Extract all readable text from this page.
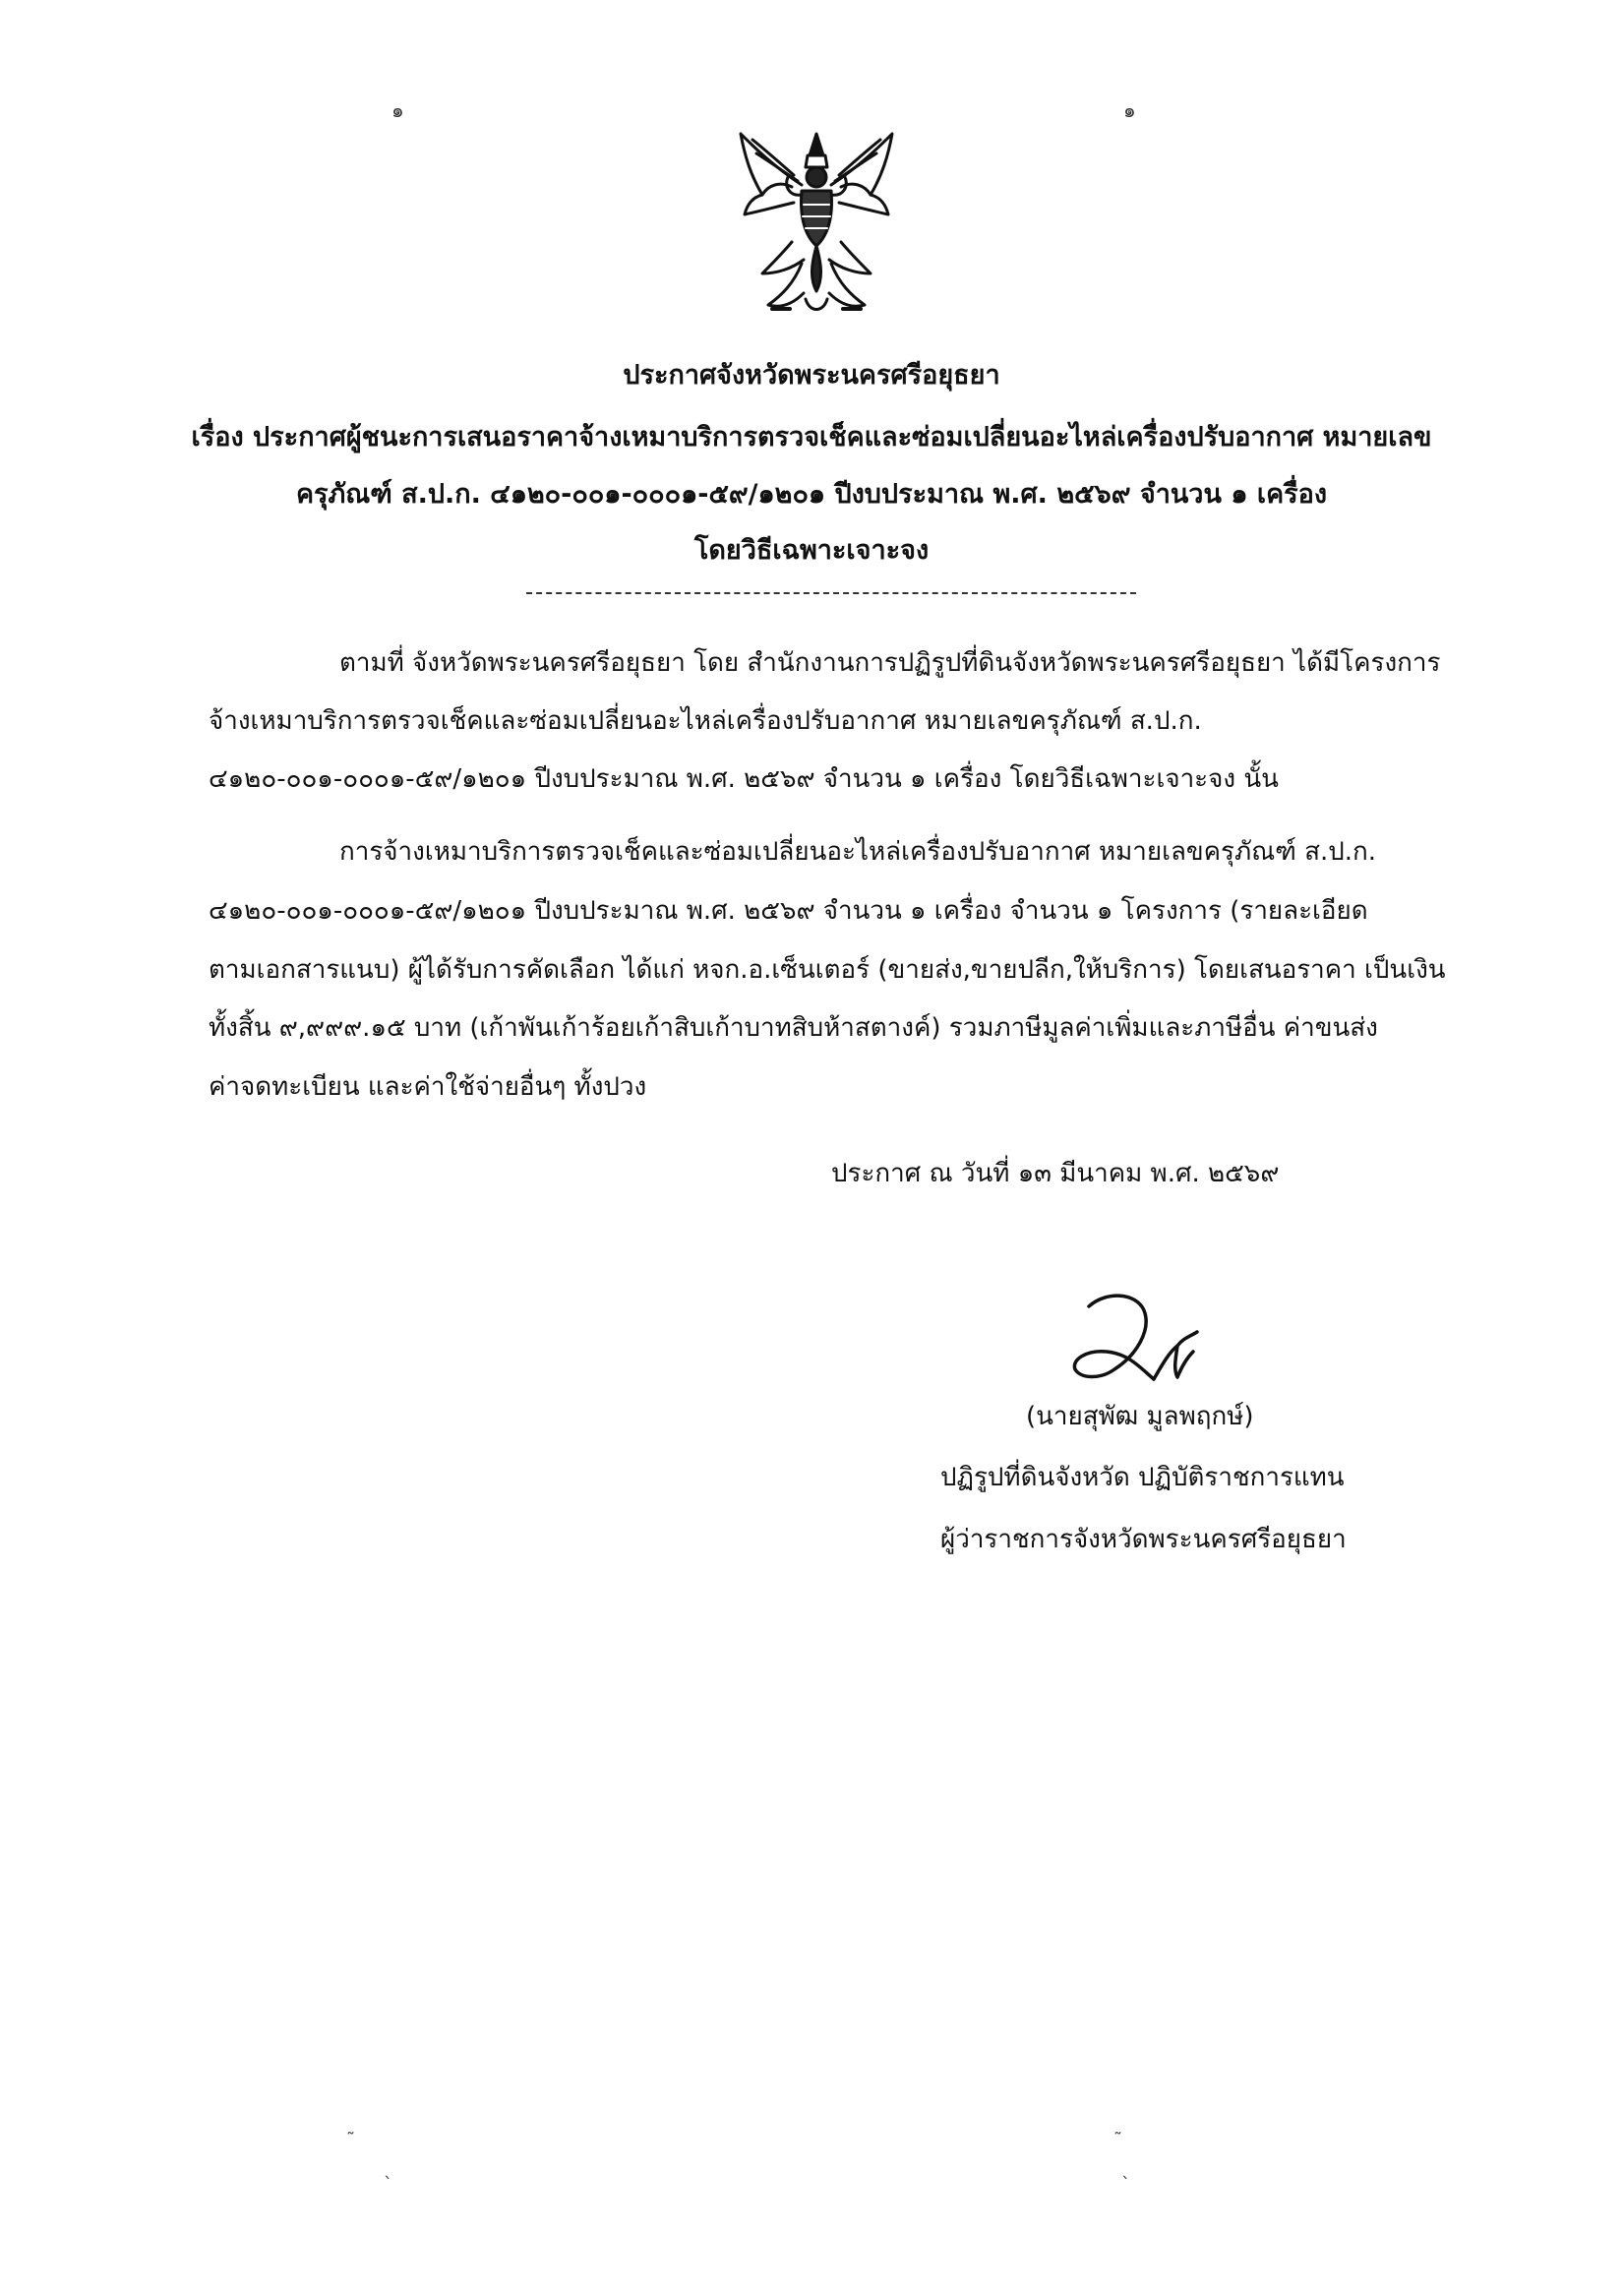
๑	๑
ประกาศจังหวัดพระนครศรีอยุธยา
เรื่อง ประกาศผู้ชนะการเสนอราคาจ้างเหมาบริการตรวจเช็คและซ่อมเปลี่ยนอะไหล่เครื่องปรับอากาศ หมายเลข
ครุภัณฑ์ ส.ป.ก. ๔๑๒๐-๐๐๑-๐๐๐๑-๕๙/๑๒๐๑ ปีงบประมาณ พ.ศ. ๒๕๖๙ จำนวน ๑ เครื่อง
โดยวิธีเฉพาะเจาะจง
ตามที่ จังหวัดพระนครศรีอยุธยา โดย สำนักงานการปฏิรูปที่ดินจังหวัดพระนครศรีอยุธยา ได้มีโครงการ
จ้างเหมาบริการตรวจเช็คและซ่อมเปลี่ยนอะไหล่เครื่องปรับอากาศ หมายเลขครุภัณฑ์ ส.ป.ก.
๔๑๒๐-๐๐๑-๐๐๐๑-๕๙/๑๒๐๑ ปีงบประมาณ พ.ศ. ๒๕๖๙ จำนวน ๑ เครื่อง โดยวิธีเฉพาะเจาะจง นั้น
การจ้างเหมาบริการตรวจเช็คและซ่อมเปลี่ยนอะไหล่เครื่องปรับอากาศ หมายเลขครุภัณฑ์ ส.ป.ก.
๔๑๒๐-๐๐๑-๐๐๐๑-๕๙/๑๒๐๑ ปีงบประมาณ พ.ศ. ๒๕๖๙ จำนวน ๑ เครื่อง จำนวน ๑ โครงการ (รายละเอียด
ตามเอกสารแนบ) ผู้ได้รับการคัดเลือก ได้แก่ หจก.อ.เซ็นเตอร์ (ขายส่ง,ขายปลีก,ให้บริการ) โดยเสนอราคา เป็นเงิน
ทั้งสิ้น ๙,๙๙๙.๑๕ บาท (เก้าพันเก้าร้อยเก้าสิบเก้าบาทสิบห้าสตางค์) รวมภาษีมูลค่าเพิ่มและภาษีอื่น ค่าขนส่ง
ค่าจดทะเบียน และค่าใช้จ่ายอื่นๆ ทั้งปวง
ประกาศ ณ วันที่ ๑๓ มีนาคม พ.ศ. ๒๕๖๙
(นายสุพัฒ มูลพฤกษ์)
ปฏิรูปที่ดินจังหวัด ปฏิบัติราชการแทน
ผู้ว่าราชการจังหวัดพระนครศรีอยุธยา
˜	˜
ˎ	ˎ
